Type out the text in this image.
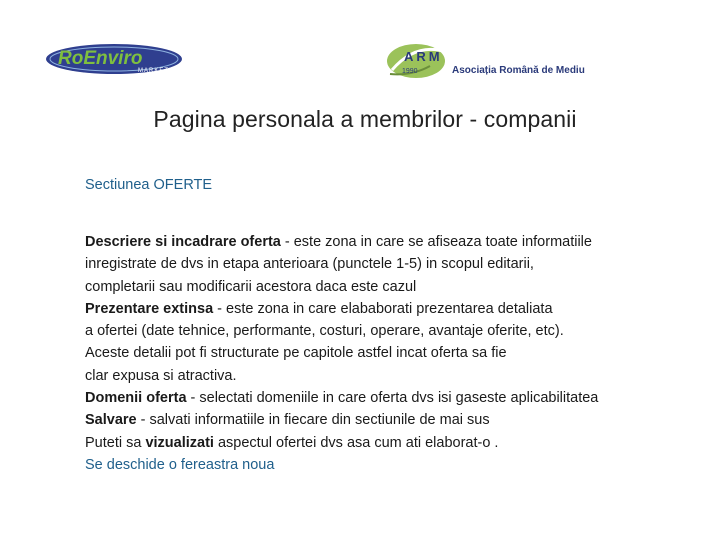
RoEnviro
MARKET
ARM
1990	Asociația Română de Mediu
Pagina personala a membrilor - companii
Sectiunea OFERTE
Descriere si incadrare oferta - este zona in care se afiseaza toate informatiile
inregistrate de dvs in etapa anterioara (punctele 1-5) in scopul editarii,
completarii sau modificarii acestora daca este cazul
Prezentare extinsa - este zona in care elababorati prezentarea detaliata
a ofertei (date tehnice, performante, costuri, operare, avantaje oferite, etc).
Aceste detalii pot fi structurate pe capitole astfel incat oferta sa fie
clar expusa si atractiva.
Domenii oferta - selectati domeniile in care oferta dvs isi gaseste aplicabilitatea
Salvare - salvati informatiile in fiecare din sectiunile de mai sus
Puteti sa vizualizati aspectul ofertei dvs asa cum ati elaborat-o .
Se deschide o fereastra noua
